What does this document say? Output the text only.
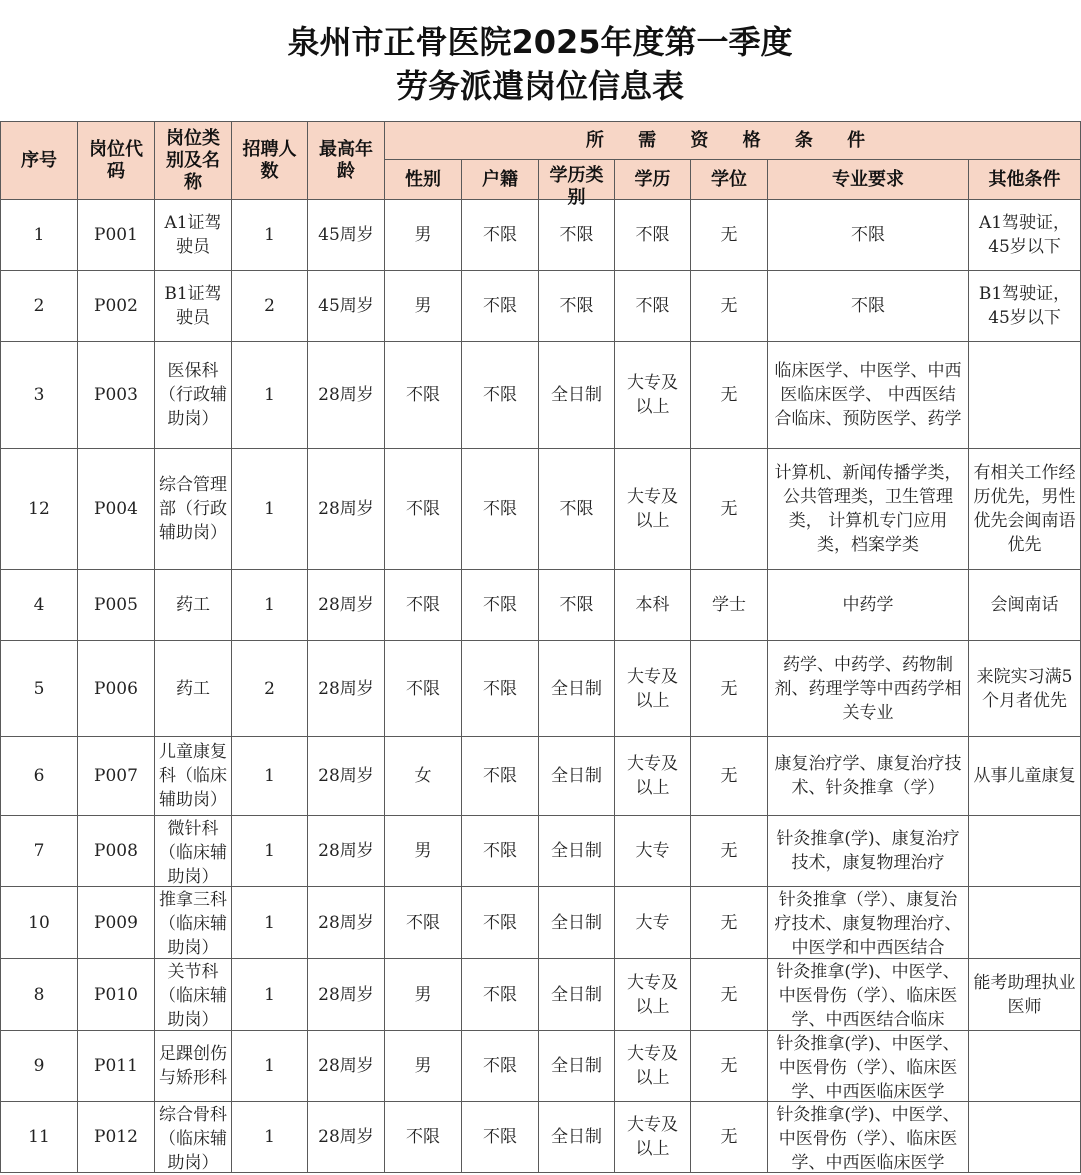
泉州市正骨医院2025年度第一季度
劳务派遣岗位信息表
序号	岗位代码	岗位类别及名称	招聘人数	最高年龄	所 需 资 格 条 件						
					性别	户籍	学历类别	学历	学位	专业要求	其他条件

1	P001	A1证驾驶员	1	45周岁	男	不限	不限	不限	无	不限	A1驾驶证，45岁以下

2	P002	B1证驾驶员	2	45周岁	男	不限	不限	不限	无	不限	B1驾驶证，45岁以下

3	P003	医保科（行政辅助岗）	1	28周岁	不限	不限	全日制	大专及以上	无	临床医学、中医学、中西医临床医学、 中西医结合临床、预防医学、药学	

12	P004	综合管理部（行政辅助岗）	1	28周岁	不限	不限	不限	大专及以上	无	计算机、新闻传播学类，公共管理类，卫生管理类， 计算机专门应用类，档案学类	有相关工作经历优先，男性优先会闽南语优先

4	P005	药工	1	28周岁	不限	不限	不限	本科	学士	中药学	会闽南话

5	P006	药工	2	28周岁	不限	不限	全日制	大专及以上	无	药学、中药学、药物制剂、药理学等中西药学相关专业	来院实习满5个月者优先

6	P007	儿童康复科（临床辅助岗）	1	28周岁	女	不限	全日制	大专及以上	无	康复治疗学、康复治疗技术、针灸推拿（学）	从事儿童康复

7	P008	微针科（临床辅助岗）	1	28周岁	男	不限	全日制	大专	无	针灸推拿(学)、康复治疗技术，康复物理治疗	

10	P009	推拿三科（临床辅助岗）	1	28周岁	不限	不限	全日制	大专	无	针灸推拿（学）、康复治疗技术、康复物理治疗、中医学和中西医结合	

8	P010	关节科（临床辅助岗）	1	28周岁	男	不限	全日制	大专及以上	无	针灸推拿(学)、中医学、中医骨伤（学）、临床医学、中西医结合临床	能考助理执业医师

9	P011	足踝创伤与矫形科	1	28周岁	男	不限	全日制	大专及以上	无	针灸推拿(学)、中医学、中医骨伤（学）、临床医学、中西医临床医学	

11	P012	综合骨科（临床辅助岗）	1	28周岁	不限	不限	全日制	大专及以上	无	针灸推拿(学)、中医学、中医骨伤（学）、临床医学、中西医临床医学	
